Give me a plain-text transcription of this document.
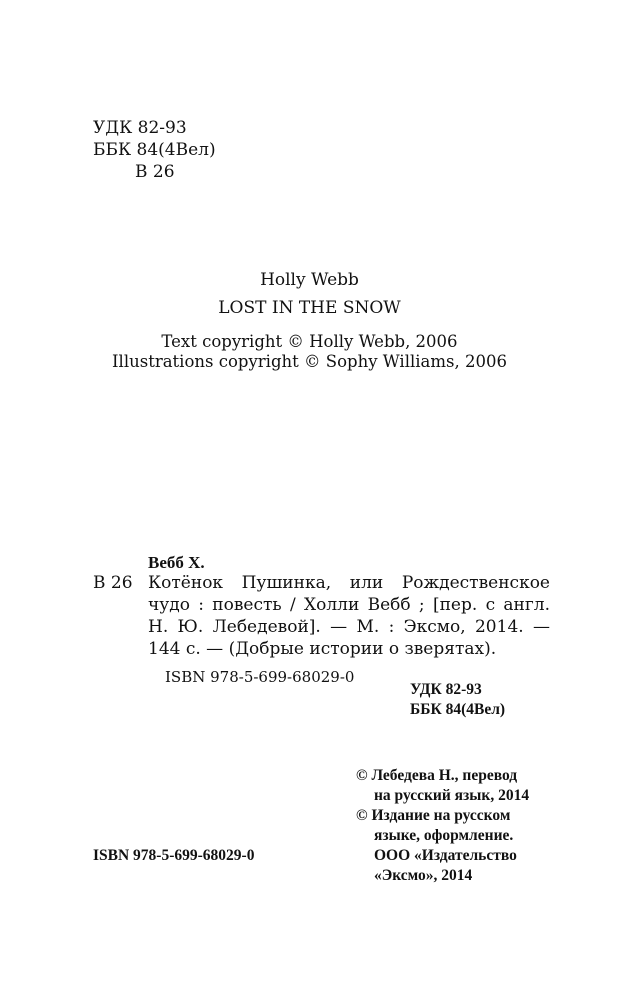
УДК 82-93
ББК 84(4Вел)
В 26
Holly Webb
LOST IN THE SNOW
Text copyright © Holly Webb, 2006
Illustrations copyright © Sophy Williams, 2006
Вебб Х.
В 26 Котёнок Пушинка, или Рождественское
чудо : повесть / Холли Вебб ; [пер. с англ.
Н. Ю. Лебедевой]. — М. : Эксмо, 2014. —
144 с. — (Добрые истории о зверятах).
ISBN 978-5-699-68029-0
УДК 82-93
ББК 84(4Вел)
© Лебедева Н., перевод
на русский язык, 2014
© Издание на русском
языке, оформление.
ООО «Издательство
«Эксмо», 2014
ISBN 978-5-699-68029-0
